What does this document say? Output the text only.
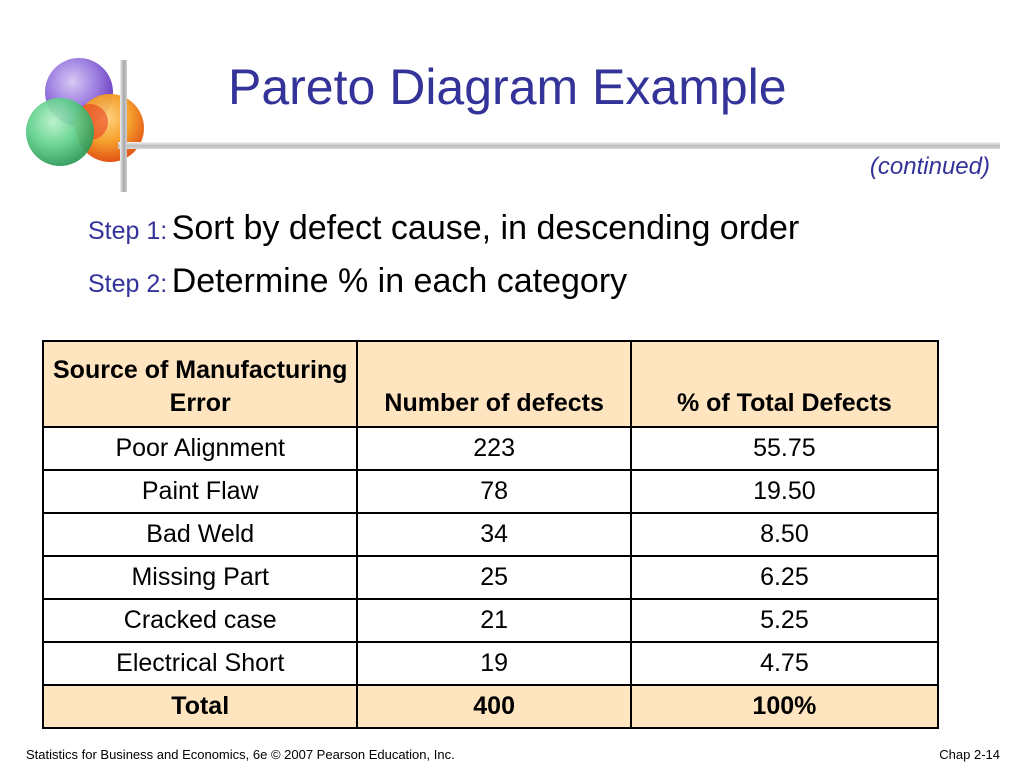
Pareto Diagram Example
(continued)
Step 1: Sort by defect cause, in descending order
Step 2: Determine % in each category
Source of Manufacturing Error	Number of defects	% of Total Defects
Poor Alignment	223	55.75
Paint Flaw	78	19.50
Bad Weld	34	8.50
Missing Part	25	6.25
Cracked case	21	5.25
Electrical Short	19	4.75
Total	400	100%
Statistics for Business and Economics, 6e © 2007 Pearson Education, Inc.	Chap 2-14
